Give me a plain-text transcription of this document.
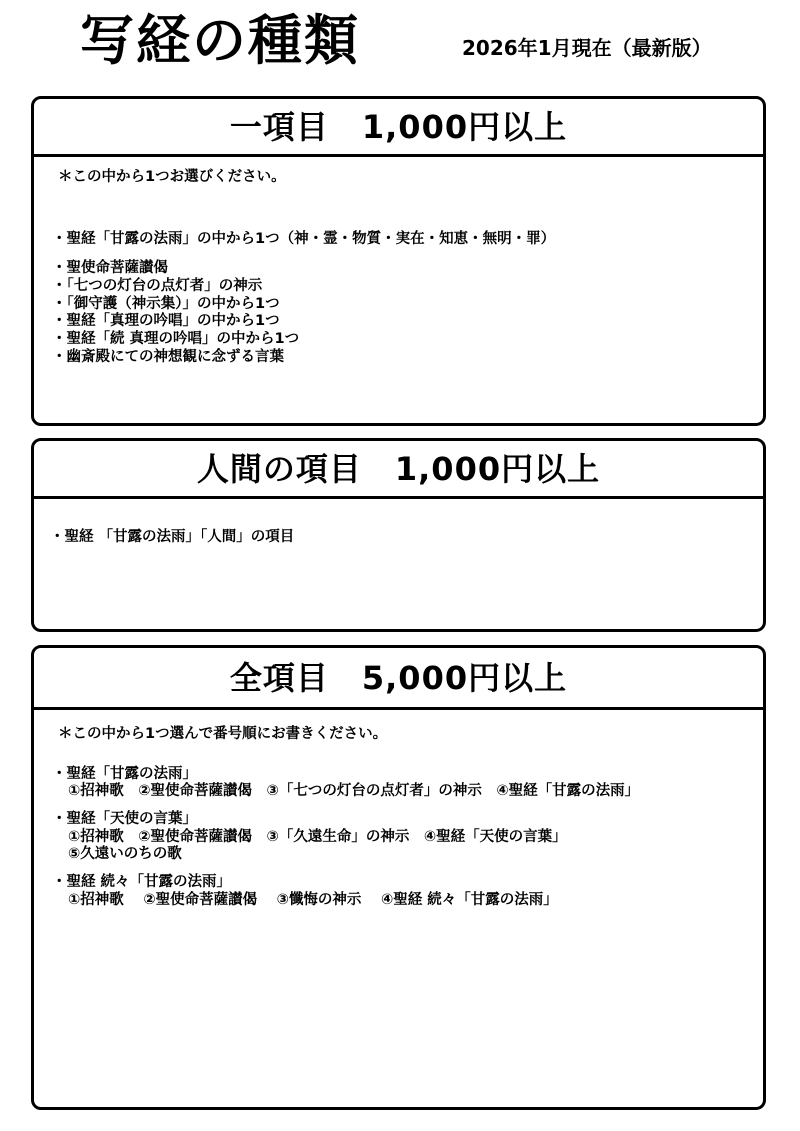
写経の種類	2026年1月現在（最新版）
一項目　1,000円以上
＊この中から1つお選びください。
・聖経「甘露の法雨」の中から1つ（神・霊・物質・実在・知恵・無明・罪）
・聖使命菩薩讃偈
・「七つの灯台の点灯者」の神示
・「御守護（神示集）」の中から1つ
・聖経「真理の吟唱」の中から1つ
・聖経「続 真理の吟唱」の中から1つ
・幽斎殿にての神想観に念ずる言葉
人間の項目　1,000円以上
・聖経 「甘露の法雨」「人間」の項目
全項目　5,000円以上
＊この中から1つ選んで番号順にお書きください。
・聖経「甘露の法雨」
①招神歌　②聖使命菩薩讃偈　③「七つの灯台の点灯者」の神示　④聖経「甘露の法雨」
・聖経「天使の言葉」
①招神歌　②聖使命菩薩讃偈　③「久遠生命」の神示　④聖経「天使の言葉」
⑤久遠いのちの歌
・聖経 続々「甘露の法雨」
①招神歌　 ②聖使命菩薩讃偈　 ③懺悔の神示　 ④聖経 続々「甘露の法雨」
